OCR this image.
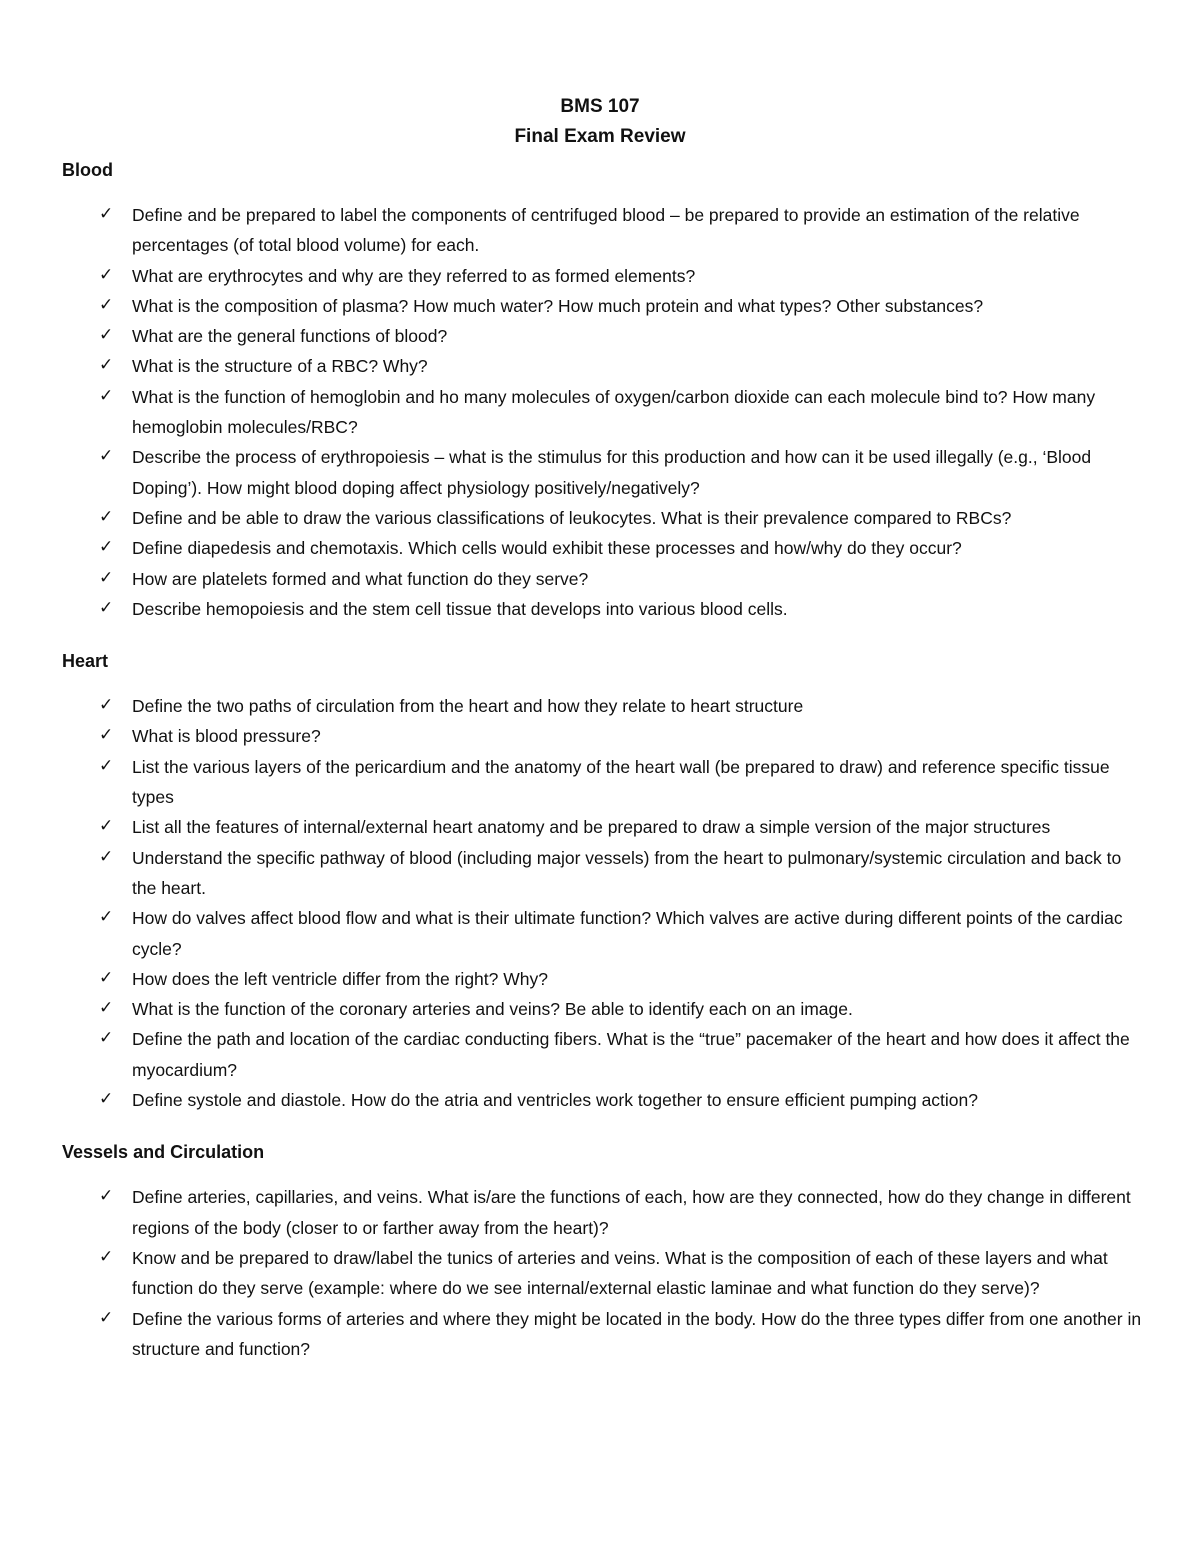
BMS 107

Final Exam Review

Blood
✓ Define and be prepared to label the components of centrifuged blood – be prepared to provide an estimation of the relative percentages (of total blood volume) for each.
✓ What are erythrocytes and why are they referred to as formed elements?
✓ What is the composition of plasma? How much water? How much protein and what types? Other substances?
✓ What are the general functions of blood?
✓ What is the structure of a RBC? Why?
✓ What is the function of hemoglobin and ho many molecules of oxygen/carbon dioxide can each molecule bind to? How many hemoglobin molecules/RBC?
✓ Describe the process of erythropoiesis – what is the stimulus for this production and how can it be used illegally (e.g., ‘Blood Doping’). How might blood doping affect physiology positively/negatively?
✓ Define and be able to draw the various classifications of leukocytes. What is their prevalence compared to RBCs?
✓ Define diapedesis and chemotaxis. Which cells would exhibit these processes and how/why do they occur?
✓ How are platelets formed and what function do they serve?
✓ Describe hemopoiesis and the stem cell tissue that develops into various blood cells.
Heart
✓ Define the two paths of circulation from the heart and how they relate to heart structure
✓ What is blood pressure?
✓ List the various layers of the pericardium and the anatomy of the heart wall (be prepared to draw) and reference specific tissue types
✓ List all the features of internal/external heart anatomy and be prepared to draw a simple version of the major structures
✓ Understand the specific pathway of blood (including major vessels) from the heart to pulmonary/systemic circulation and back to the heart.
✓ How do valves affect blood flow and what is their ultimate function? Which valves are active during different points of the cardiac cycle?
✓ How does the left ventricle differ from the right? Why?
✓ What is the function of the coronary arteries and veins? Be able to identify each on an image.
✓ Define the path and location of the cardiac conducting fibers. What is the “true” pacemaker of the heart and how does it affect the myocardium?
✓ Define systole and diastole. How do the atria and ventricles work together to ensure efficient pumping action?
Vessels and Circulation
✓ Define arteries, capillaries, and veins. What is/are the functions of each, how are they connected, how do they change in different regions of the body (closer to or farther away from the heart)?
✓ Know and be prepared to draw/label the tunics of arteries and veins. What is the composition of each of these layers and what function do they serve (example: where do we see internal/external elastic laminae and what function do they serve)?
✓ Define the various forms of arteries and where they might be located in the body. How do the three types differ from one another in structure and function?
